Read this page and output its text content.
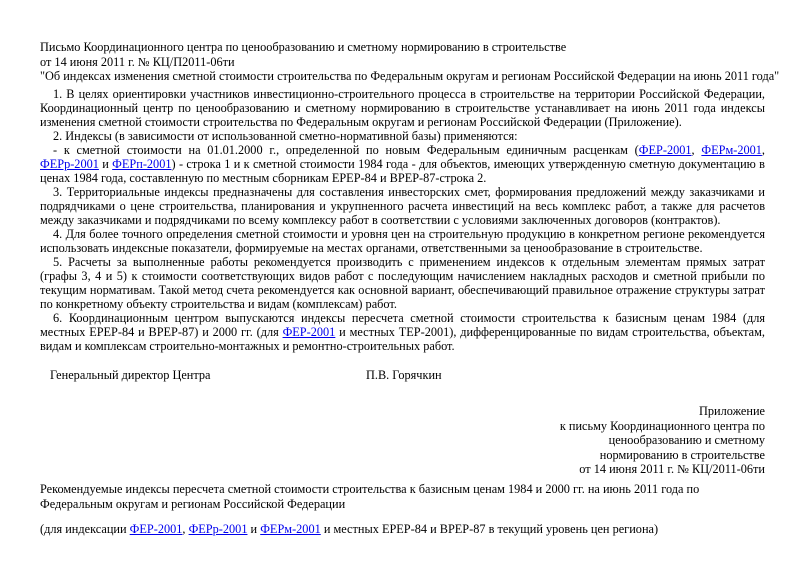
Письмо Координационного центра по ценообразованию и сметному нормированию в строительстве
от 14 июня 2011 г. № КЦ/П2011-06ти
"Об индексах изменения сметной стоимости строительства по Федеральным округам и регионам Российской Федерации на июнь 2011 года"

1. В целях ориентировки участников инвестиционно-строительного процесса в строительстве на территории Российской Федерации, Координационный центр по ценообразованию и сметному нормированию в строительстве устанавливает на июнь 2011 года индексы изменения сметной стоимости строительства по Федеральным округам и регионам Российской Федерации (Приложение).

2. Индексы (в зависимости от использованной сметно-нормативной базы) применяются:

- к сметной стоимости на 01.01.2000 г., определенной по новым Федеральным единичным расценкам (ФЕР-2001, ФЕРм-2001, ФЕРр-2001 и ФЕРп-2001) - строка 1 и к сметной стоимости 1984 года - для объектов, имеющих утвержденную сметную документацию в ценах 1984 года, составленную по местным сборникам ЕРЕР-84 и ВРЕР-87-строка 2.

3. Территориальные индексы предназначены для составления инвесторских смет, формирования предложений между заказчиками и подрядчиками о цене строительства, планирования и укрупненного расчета инвестиций на весь комплекс работ, а также для расчетов между заказчиками и подрядчиками по всему комплексу работ в соответствии с условиями заключенных договоров (контрактов).

4. Для более точного определения сметной стоимости и уровня цен на строительную продукцию в конкретном регионе рекомендуется использовать индексные показатели, формируемые на местах органами, ответственными за ценообразование в строительстве.

5. Расчеты за выполненные работы рекомендуется производить с применением индексов к отдельным элементам прямых затрат (графы 3, 4 и 5) к стоимости соответствующих видов работ с последующим начислением накладных расходов и сметной прибыли по текущим нормативам. Такой метод счета рекомендуется как основной вариант, обеспечивающий правильное отражение структуры затрат по конкретному объекту строительства и видам (комплексам) работ.

6. Координационным центром выпускаются индексы пересчета сметной стоимости строительства к базисным ценам 1984 (для местных ЕРЕР-84 и ВРЕР-87) и 2000 гг. (для ФЕР-2001 и местных ТЕР-2001), дифференцированные по видам строительства, объектам, видам и комплексам строительно-монтажных и ремонтно-строительных работ.

Генеральный директор Центра	П.В. Горячкин
Приложение
к письму Координационного центра по
ценообразованию и сметному
нормированию в строительстве
от 14 июня 2011 г. № КЦ/2011-06ти
Рекомендуемые индексы пересчета сметной стоимости строительства к базисным ценам 1984 и 2000 гг. на июнь 2011 года по Федеральным округам и регионам Российской Федерации
(для индексации ФЕР-2001, ФЕРр-2001 и ФЕРм-2001 и местных ЕРЕР-84 и ВРЕР-87 в текущий уровень цен региона)
